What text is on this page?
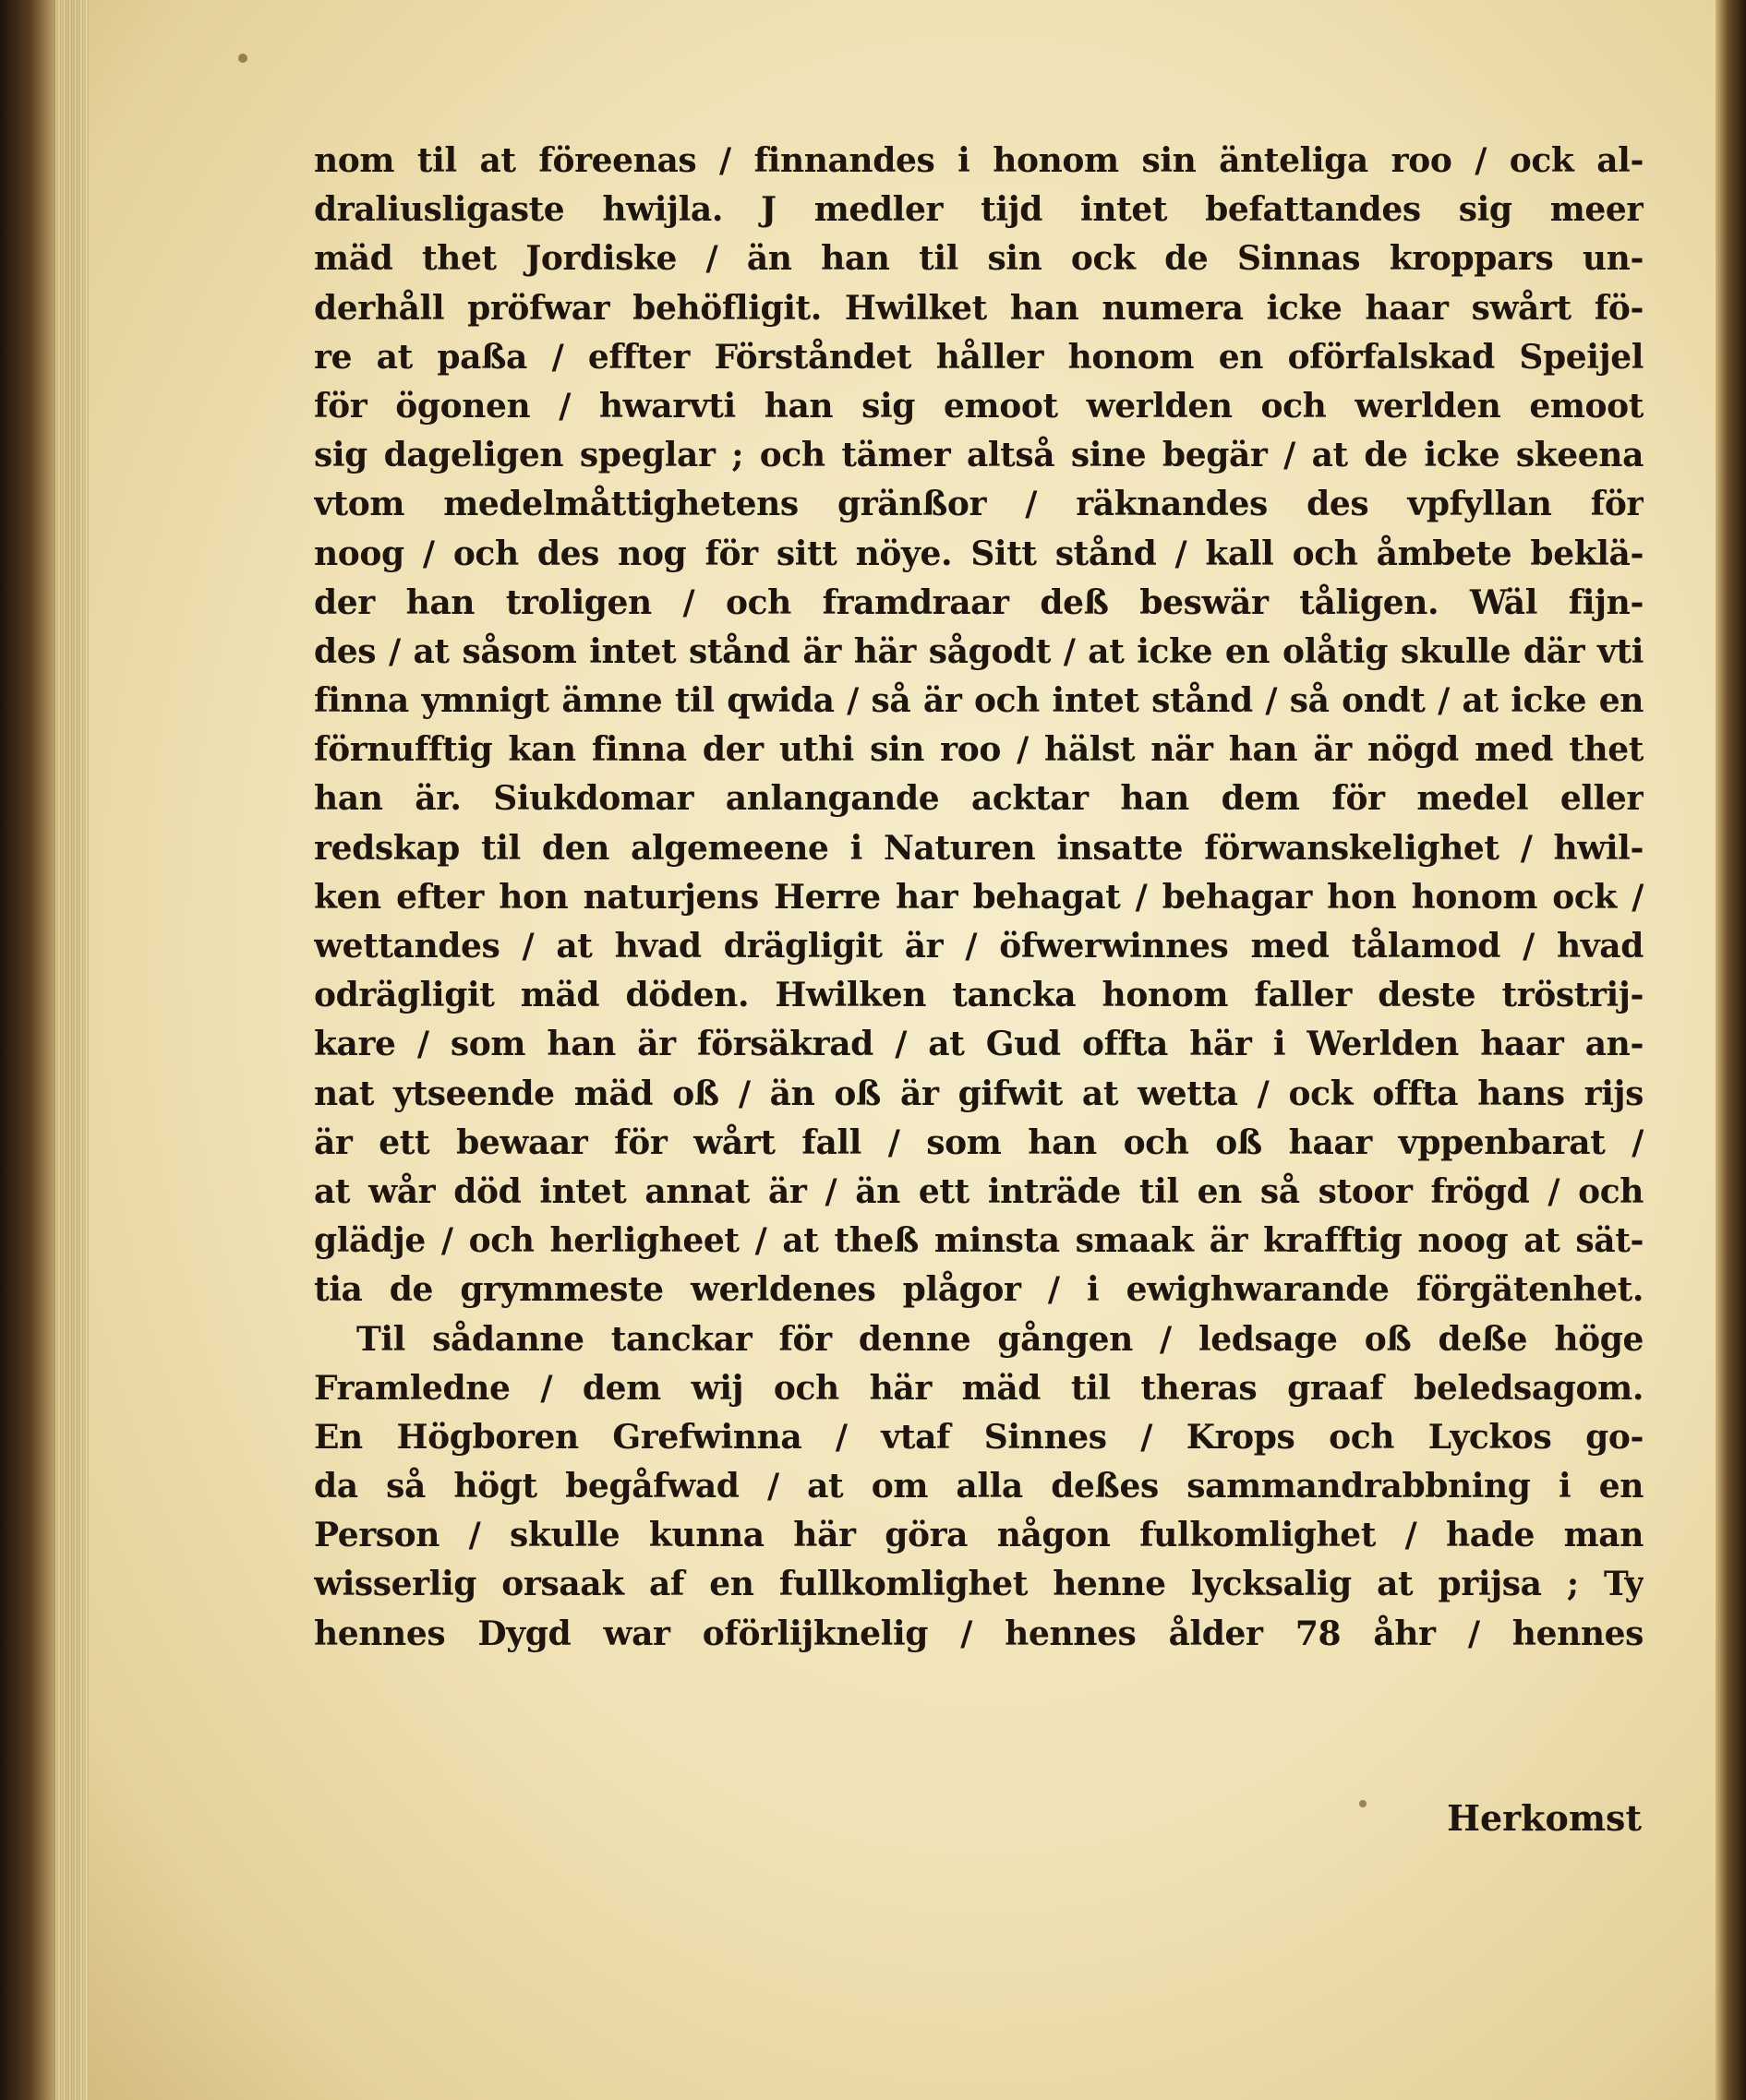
nom til at föreenas / finnandes i honom sin änteliga roo / ock al-
draliusligaste hwijla. J medler tijd intet befattandes sig meer
mäd thet Jordiske / än han til sin ock de Sinnas kroppars un-
derhåll pröfwar behöfligit. Hwilket han numera icke haar swårt fö-
re at paßa / effter Förståndet håller honom en oförfalskad Speijel
för ögonen / hwarvti han sig emoot werlden och werlden emoot
sig dageligen speglar ; och tämer altså sine begär / at de icke skeena
vtom medelmåttighetens gränßor / räknandes des vpfyllan för
noog / och des nog för sitt nöye. Sitt stånd / kall och åmbete beklä-
der han troligen / och framdraar deß beswär tåligen. Wäl fijn-
des / at såsom intet stånd är här sågodt / at icke en olåtig skulle där vti
finna ymnigt ämne til qwida / så är och intet stånd / så ondt / at icke en
förnufftig kan finna der uthi sin roo / hälst när han är nögd med thet
han är. Siukdomar anlangande acktar han dem för medel eller
redskap til den algemeene i Naturen insatte förwanskelighet / hwil-
ken efter hon naturjens Herre har behagat / behagar hon honom ock /
wettandes / at hvad drägligit är / öfwerwinnes med tålamod / hvad
odrägligit mäd döden. Hwilken tancka honom faller deste tröstrij-
kare / som han är försäkrad / at Gud offta här i Werlden haar an-
nat ytseende mäd oß / än oß är gifwit at wetta / ock offta hans rijs
är ett bewaar för wårt fall / som han och oß haar vppenbarat /
at wår död intet annat är / än ett inträde til en så stoor frögd / och
glädje / och herligheet / at theß minsta smaak är krafftig noog at sät-
tia de grymmeste werldenes plågor / i ewighwarande förgätenhet.
Til sådanne tanckar för denne gången / ledsage oß deße höge
Framledne / dem wij och här mäd til theras graaf beledsagom.
En Högboren Grefwinna / vtaf Sinnes / Krops och Lyckos go-
da så högt begåfwad / at om alla deßes sammandrabbning i en
Person / skulle kunna här göra någon fulkomlighet / hade man
wisserlig orsaak af en fullkomlighet henne lycksalig at prijsa ; Ty
hennes Dygd war oförlijknelig / hennes ålder 78 åhr / hennes
Herkomst
